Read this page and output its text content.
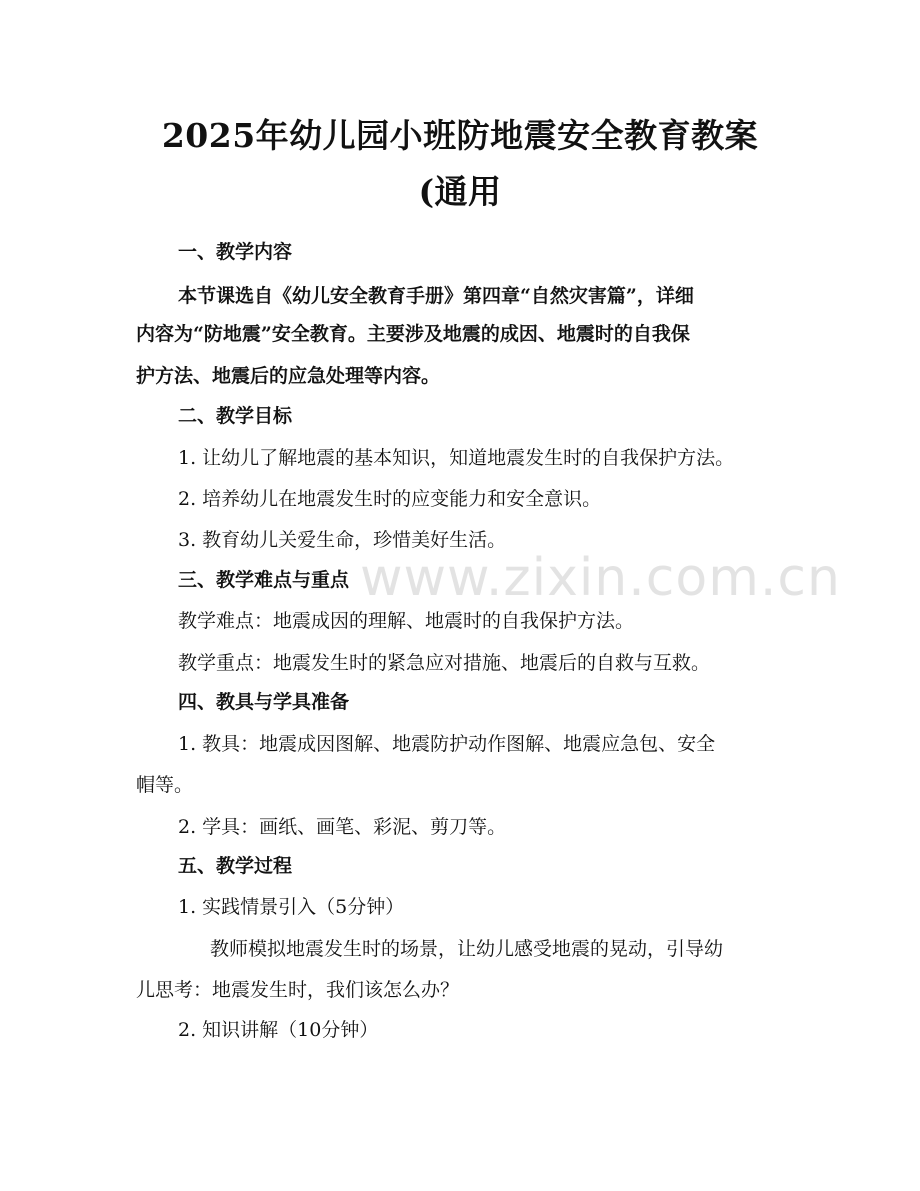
www.zixin.com.cn
2025年幼儿园小班防地震安全教育教案(通用
一、教学内容
本节课选自《幼儿安全教育手册》第四章“自然灾害篇”，详细
内容为“防地震”安全教育。主要涉及地震的成因、地震时的自我保
护方法、地震后的应急处理等内容。
二、教学目标
1. 让幼儿了解地震的基本知识，知道地震发生时的自我保护方法。
2. 培养幼儿在地震发生时的应变能力和安全意识。
3. 教育幼儿关爱生命，珍惜美好生活。
三、教学难点与重点
教学难点：地震成因的理解、地震时的自我保护方法。
教学重点：地震发生时的紧急应对措施、地震后的自救与互救。
四、教具与学具准备
1. 教具：地震成因图解、地震防护动作图解、地震应急包、安全
帽等。
2. 学具：画纸、画笔、彩泥、剪刀等。
五、教学过程
1. 实践情景引入（5分钟）
教师模拟地震发生时的场景，让幼儿感受地震的晃动，引导幼
儿思考：地震发生时，我们该怎么办？
2. 知识讲解（10分钟）
